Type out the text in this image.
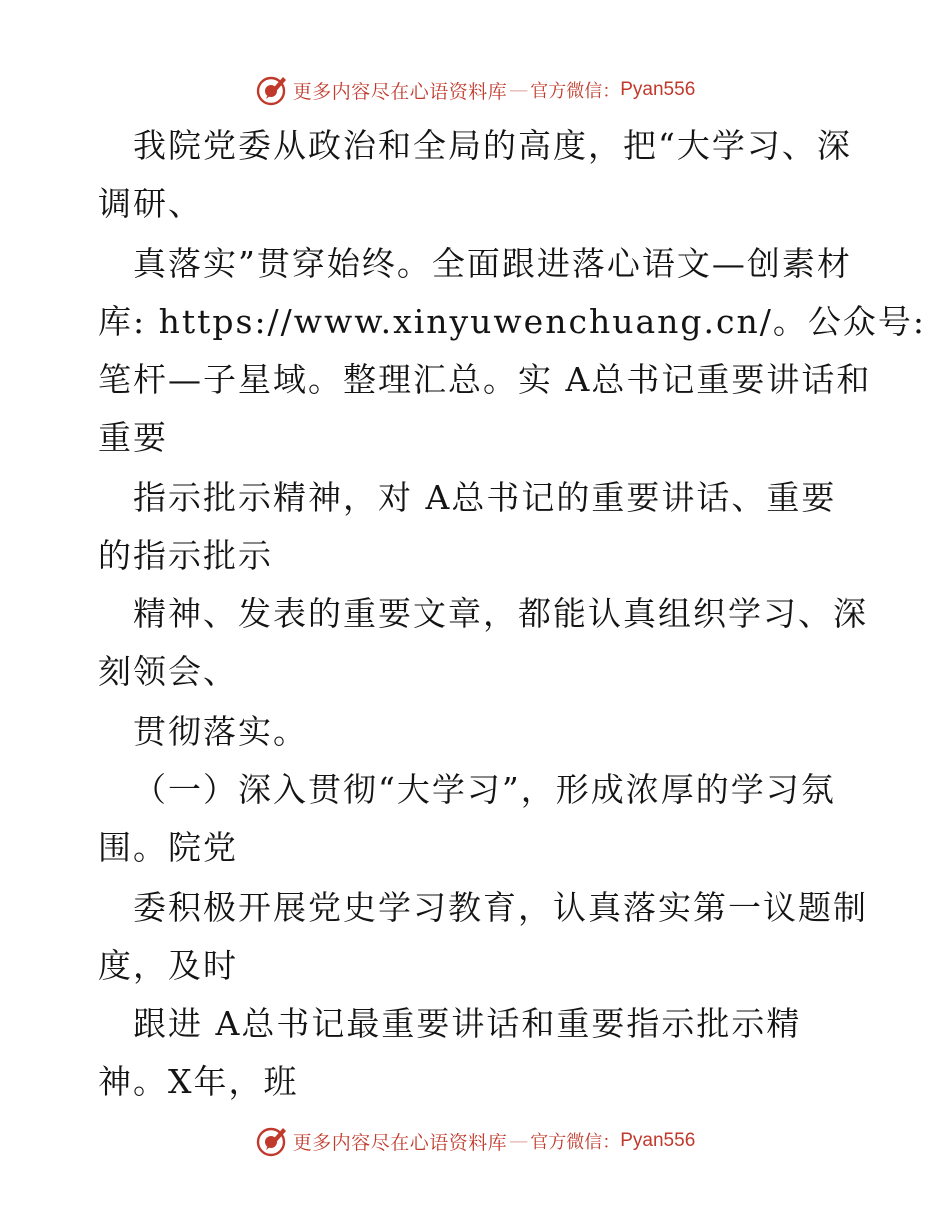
更多内容尽在心语资料库 — 官方微信： Pyan556
我院党委从政治和全局的高度，把“大学习、深
调研、
真落实”贯穿始终。全面跟进落心语文—创素材
库: https://www.xinyuwenchuang.cn/。公众号:
笔杆—子星域。整理汇总。实 A总书记重要讲话和
重要
指示批示精神，对 A总书记的重要讲话、重要
的指示批示
精神、发表的重要文章，都能认真组织学习、深
刻领会、
贯彻落实。
（一）深入贯彻“大学习”，形成浓厚的学习氛
围。院党
委积极开展党史学习教育，认真落实第一议题制
度，及时
跟进 A总书记最重要讲话和重要指示批示精
神。X年，班
更多内容尽在心语资料库 — 官方微信： Pyan556
